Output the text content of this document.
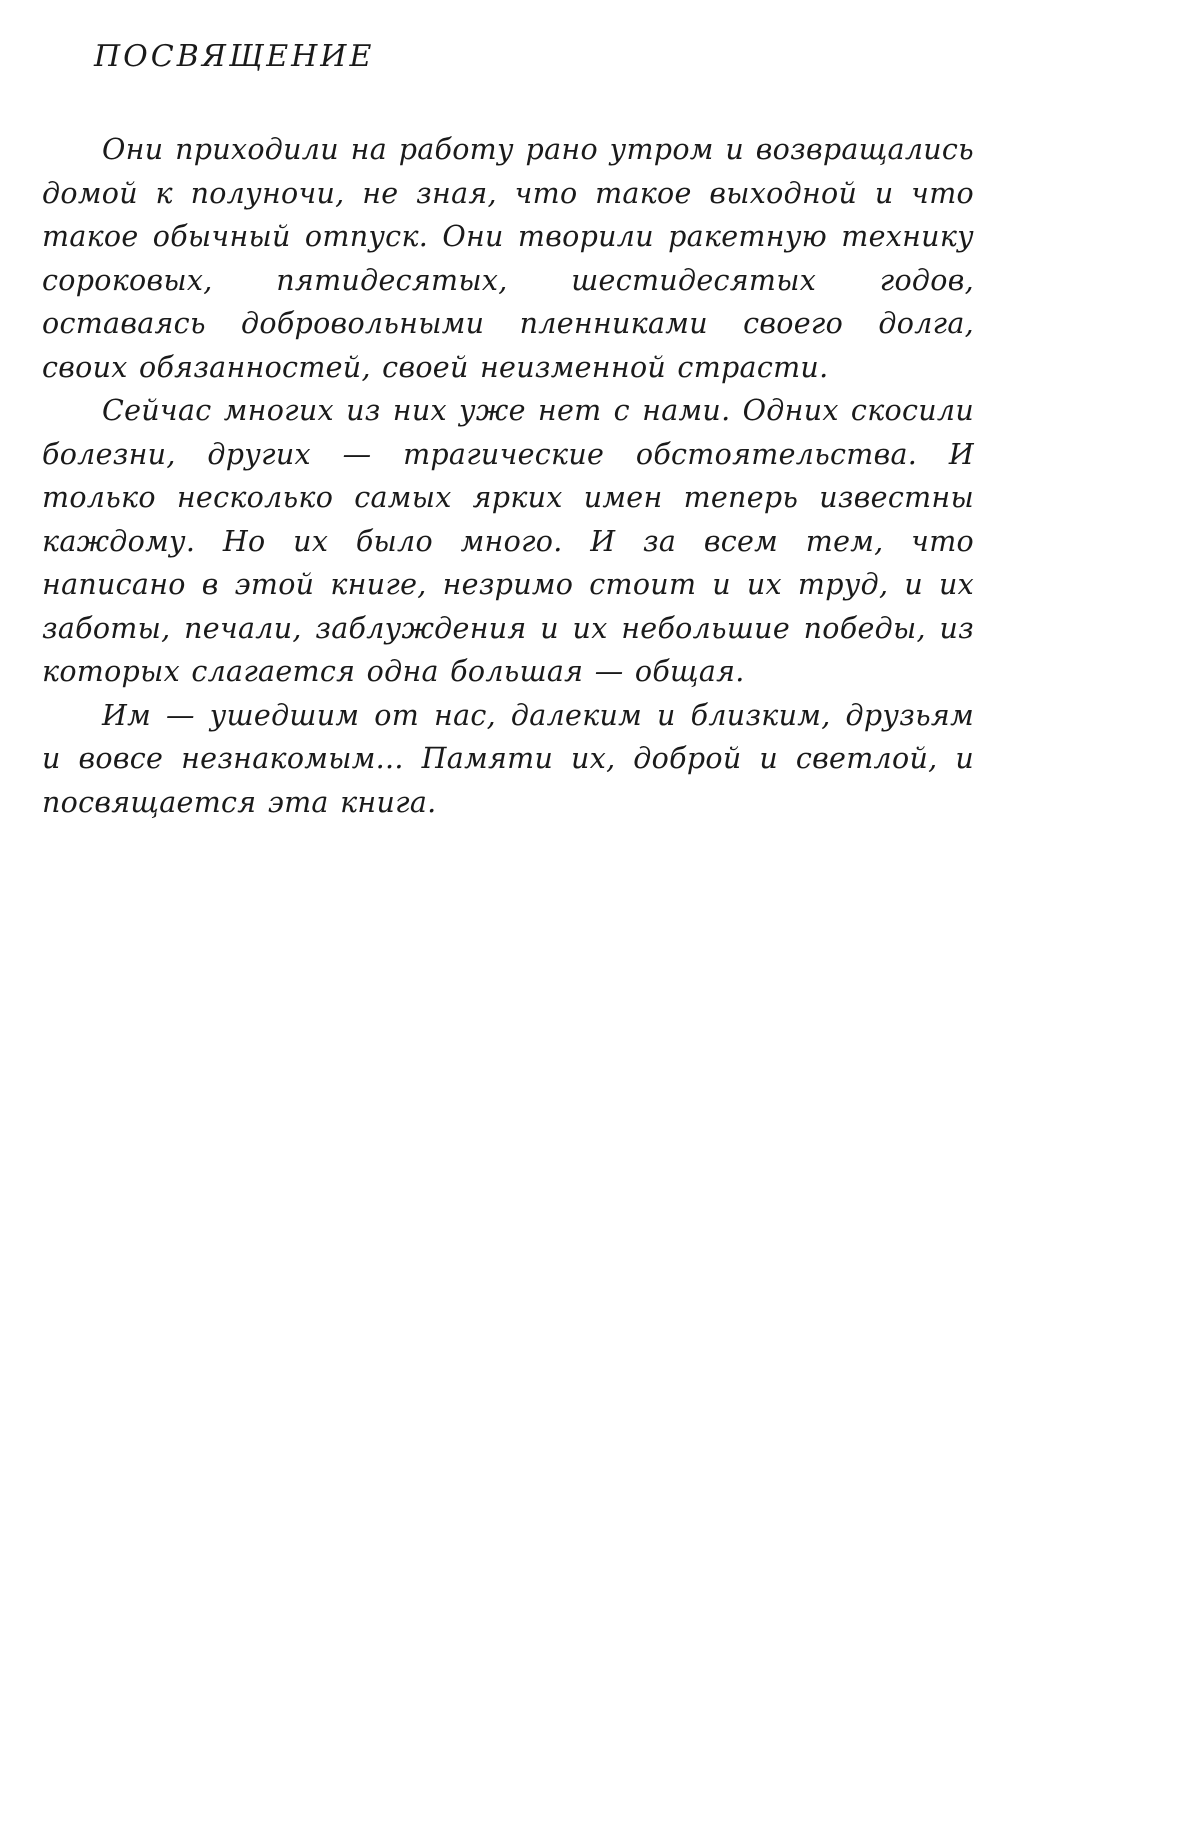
ПОСВЯЩЕНИЕ

Они приходили на работу рано утром и возвращались домой к полуночи, не зная, что такое выходной и что такое обычный отпуск. Они творили ракетную технику сороковых, пятидесятых, шестидесятых годов, оставаясь добровольными пленниками своего долга, своих обязанностей, своей неизменной страсти.

Сейчас многих из них уже нет с нами. Одних скосили болезни, других — трагические обстоятельства. И только несколько самых ярких имен теперь известны каждому. Но их было много. И за всем тем, что написано в этой книге, незримо стоит и их труд, и их заботы, печали, заблуждения и их небольшие победы, из которых слагается одна большая — общая.

Им — ушедшим от нас, далеким и близким, друзьям и вовсе незнакомым... Памяти их, доброй и светлой, и посвящается эта книга.
